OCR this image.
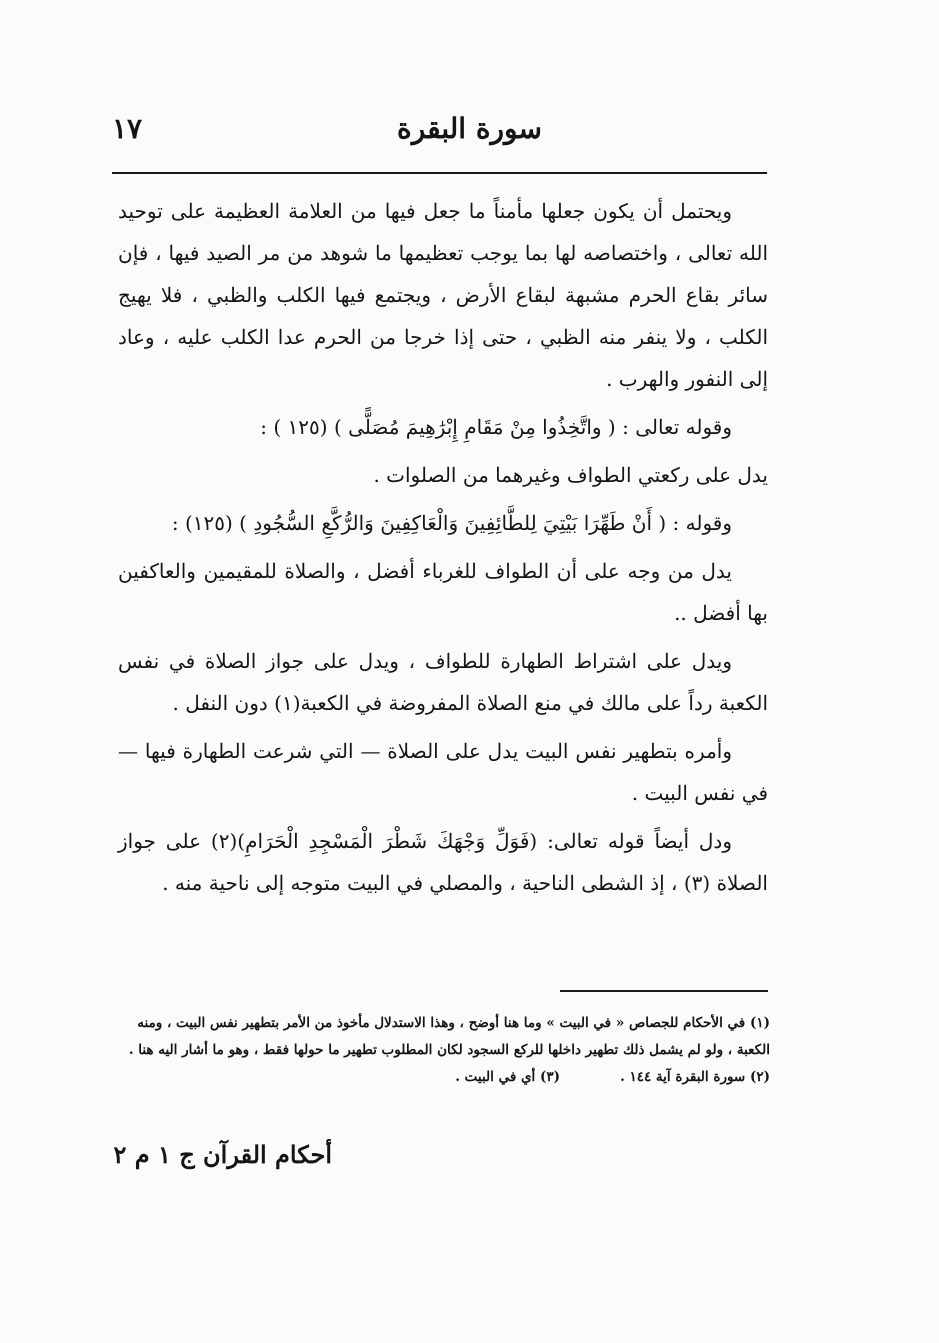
سورة البقرة
١٧

ويحتمل أن يكون جعلها مأمناً ما جعل فيها من العلامة العظيمة على توحيد الله تعالى ، واختصاصه لها بما يوجب تعظيمها ما شوهد من مر الصيد فيها ، فإن سائر بقاع الحرم مشبهة لبقاع الأرض ، ويجتمع فيها الكلب والظبي ، فلا يهيج الكلب ، ولا ينفر منه الظبي ، حتى إذا خرجا من الحرم عدا الكلب عليه ، وعاد إلى النفور والهرب .

وقوله تعالى : ( واتَّخِذُوا مِنْ مَقَامِ إِبْرَٰهِيمَ مُصَلًّى ) (١٢٥ ) :

يدل على ركعتي الطواف وغيرهما من الصلوات .

وقوله : ( أَنْ طَهِّرَا بَيْتِيَ لِلطَّائِفِينَ وَالْعَاكِفِينَ وَالرُّكَّعِ السُّجُودِ ) (١٢٥) :

يدل من وجه على أن الطواف للغرباء أفضل ، والصلاة للمقيمين والعاكفين بها أفضل ..

ويدل على اشتراط الطهارة للطواف ، ويدل على جواز الصلاة في نفس الكعبة رداً على مالك في منع الصلاة المفروضة في الكعبة(١) دون النفل .

وأمره بتطهير نفس البيت يدل على الصلاة — التي شرعت الطهارة فيها — في نفس البيت .

ودل أيضاً قوله تعالى: (فَوَلِّ وَجْهَكَ شَطْرَ الْمَسْجِدِ الْحَرَامِ)(٢) على جواز الصلاة (٣) ، إذ الشطى الناحية ، والمصلي في البيت متوجه إلى ناحية منه .

(١) في الأحكام للجصاص « في البيت » وما هنا أوضح ، وهذا الاستدلال مأخوذ من الأمر بتطهير نفس البيت ، ومنه الكعبة ، ولو لم يشمل ذلك تطهير داخلها للركع السجود لكان المطلوب تطهير ما حولها فقط ، وهو ما أشار اليه هنا .

(٢) سورة البقرة آية ١٤٤ .
(٣) أي في البيت .
أحكام القرآن ج ١ م ٢
